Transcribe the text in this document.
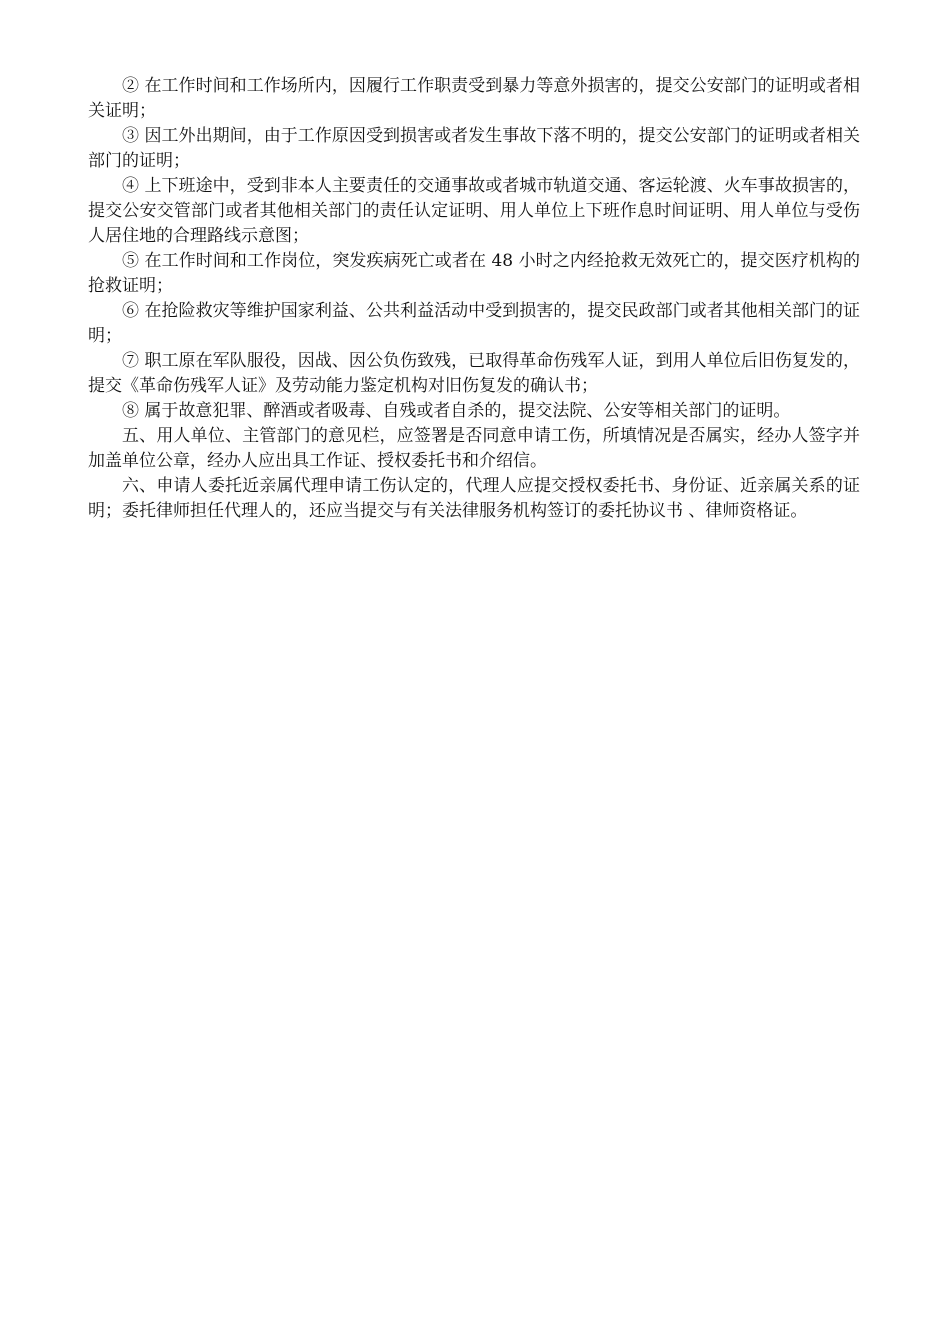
② 在工作时间和工作场所内，因履行工作职责受到暴力等意外损害的，提交公安部门的证明或者相关证明；

③ 因工外出期间，由于工作原因受到损害或者发生事故下落不明的，提交公安部门的证明或者相关部门的证明；

④ 上下班途中，受到非本人主要责任的交通事故或者城市轨道交通、客运轮渡、火车事故损害的，提交公安交管部门或者其他相关部门的责任认定证明、用人单位上下班作息时间证明、用人单位与受伤人居住地的合理路线示意图；

⑤ 在工作时间和工作岗位，突发疾病死亡或者在 48 小时之内经抢救无效死亡的，提交医疗机构的抢救证明；

⑥ 在抢险救灾等维护国家利益、公共利益活动中受到损害的，提交民政部门或者其他相关部门的证明；

⑦ 职工原在军队服役，因战、因公负伤致残，已取得革命伤残军人证，到用人单位后旧伤复发的，提交《革命伤残军人证》及劳动能力鉴定机构对旧伤复发的确认书；

⑧ 属于故意犯罪、醉酒或者吸毒、自残或者自杀的，提交法院、公安等相关部门的证明。

五、用人单位、主管部门的意见栏，应签署是否同意申请工伤，所填情况是否属实，经办人签字并加盖单位公章，经办人应出具工作证、授权委托书和介绍信。

六、申请人委托近亲属代理申请工伤认定的，代理人应提交授权委托书、身份证、近亲属关系的证明；委托律师担任代理人的，还应当提交与有关法律服务机构签订的委托协议书 、律师资格证。
